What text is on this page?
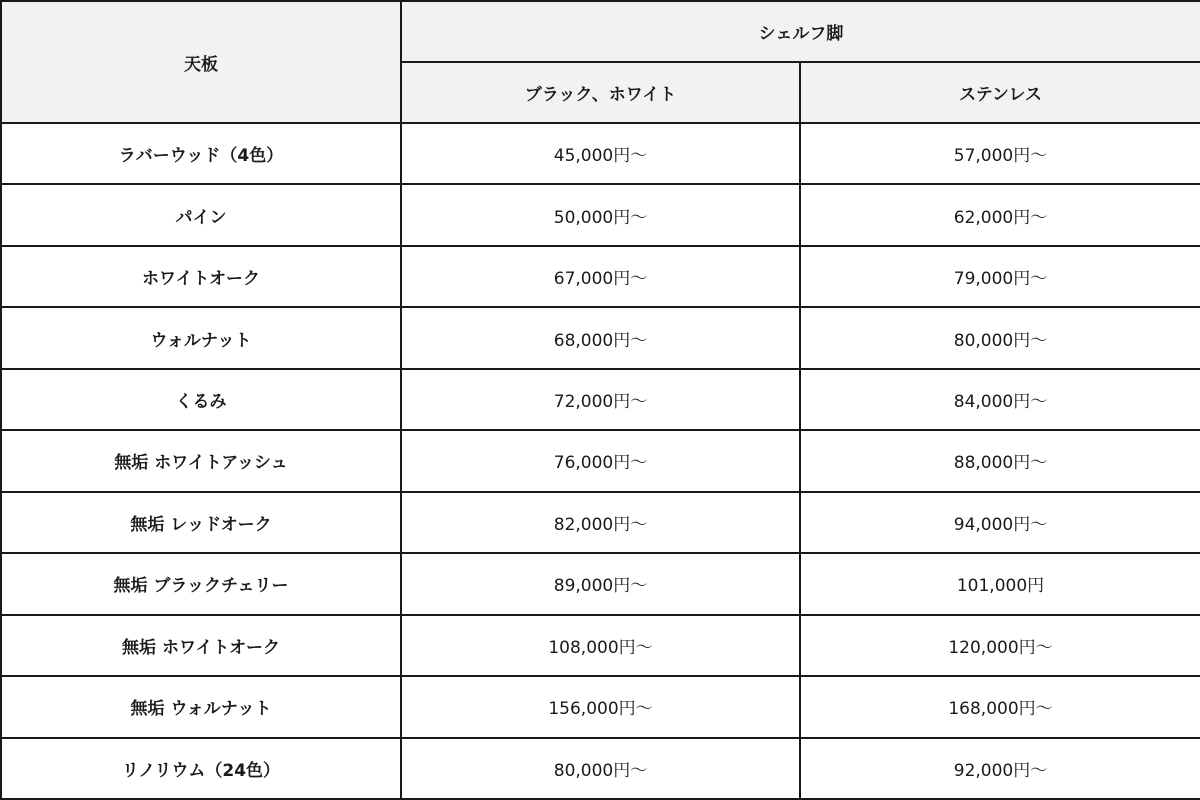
天板	シェルフ脚	
	ブラック、ホワイト	ステンレス
ラバーウッド（4色）	45,000円〜	57,000円〜
パイン	50,000円〜	62,000円〜
ホワイトオーク	67,000円〜	79,000円〜
ウォルナット	68,000円〜	80,000円〜
くるみ	72,000円〜	84,000円〜
無垢 ホワイトアッシュ	76,000円〜	88,000円〜
無垢 レッドオーク	82,000円〜	94,000円〜
無垢 ブラックチェリー	89,000円〜	101,000円
無垢 ホワイトオーク	108,000円〜	120,000円〜
無垢 ウォルナット	156,000円〜	168,000円〜
リノリウム（24色）	80,000円〜	92,000円〜
